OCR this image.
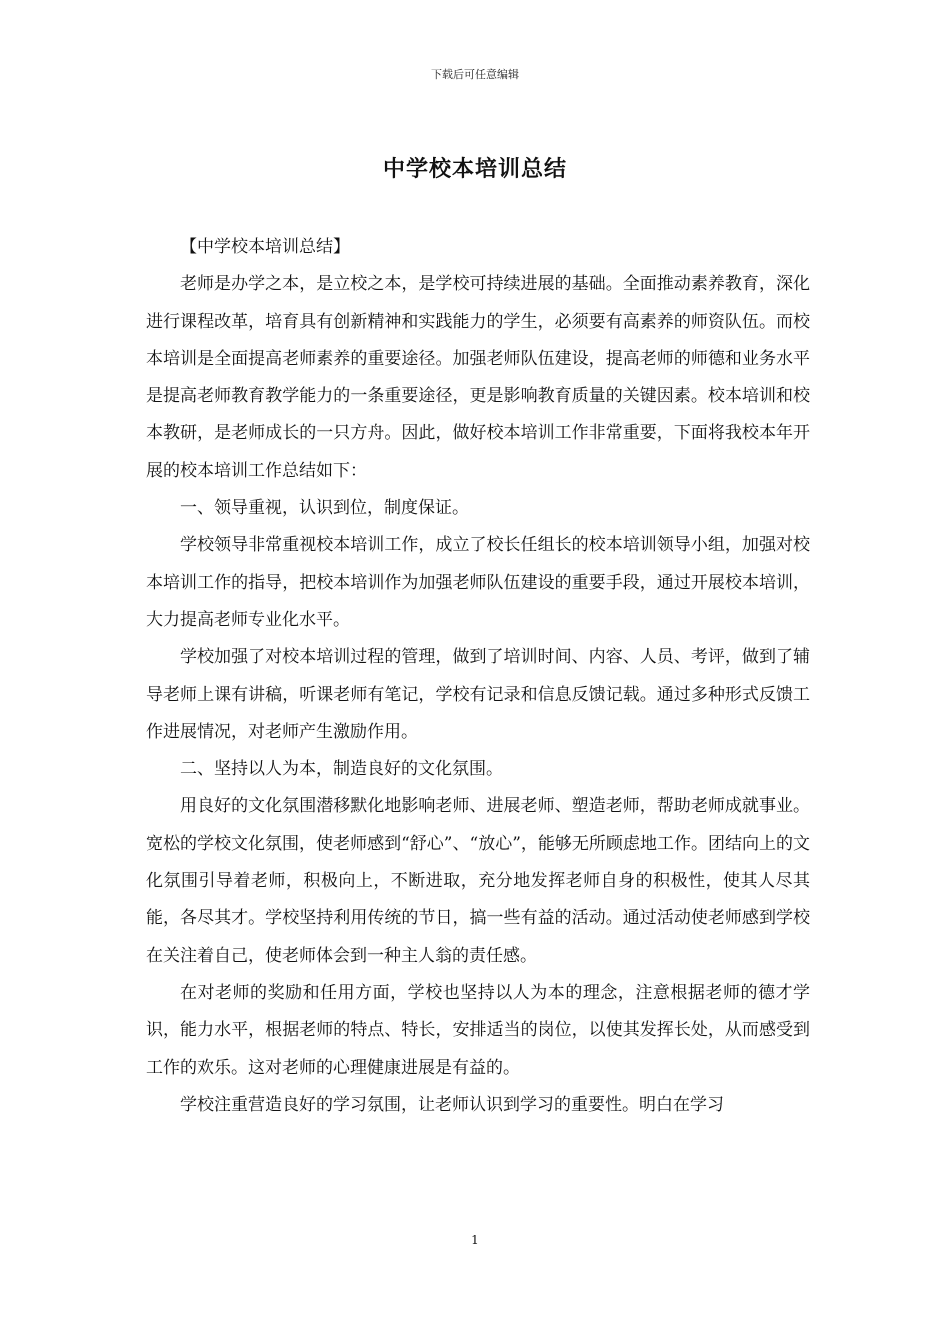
下载后可任意编辑
中学校本培训总结

【中学校本培训总结】

老师是办学之本，是立校之本，是学校可持续进展的基础。全面推动素养教育，深化进行课程改革，培育具有创新精神和实践能力的学生，必须要有高素养的师资队伍。而校本培训是全面提高老师素养的重要途径。加强老师队伍建设，提高老师的师德和业务水平是提高老师教育教学能力的一条重要途径，更是影响教育质量的关键因素。校本培训和校本教研，是老师成长的一只方舟。因此，做好校本培训工作非常重要，下面将我校本年开展的校本培训工作总结如下：

一、领导重视，认识到位，制度保证。

学校领导非常重视校本培训工作，成立了校长任组长的校本培训领导小组，加强对校本培训工作的指导，把校本培训作为加强老师队伍建设的重要手段，通过开展校本培训，大力提高老师专业化水平。

学校加强了对校本培训过程的管理，做到了培训时间、内容、人员、考评，做到了辅导老师上课有讲稿，听课老师有笔记，学校有记录和信息反馈记载。通过多种形式反馈工作进展情况，对老师产生激励作用。

二、坚持以人为本，制造良好的文化氛围。

用良好的文化氛围潜移默化地影响老师、进展老师、塑造老师，帮助老师成就事业。宽松的学校文化氛围，使老师感到“舒心”、“放心”，能够无所顾虑地工作。团结向上的文化氛围引导着老师，积极向上，不断进取，充分地发挥老师自身的积极性，使其人尽其能，各尽其才。学校坚持利用传统的节日，搞一些有益的活动。通过活动使老师感到学校在关注着自己，使老师体会到一种主人翁的责任感。

在对老师的奖励和任用方面，学校也坚持以人为本的理念，注意根据老师的德才学识，能力水平，根据老师的特点、特长，安排适当的岗位，以使其发挥长处，从而感受到工作的欢乐。这对老师的心理健康进展是有益的。

学校注重营造良好的学习氛围，让老师认识到学习的重要性。明白在学习

1
